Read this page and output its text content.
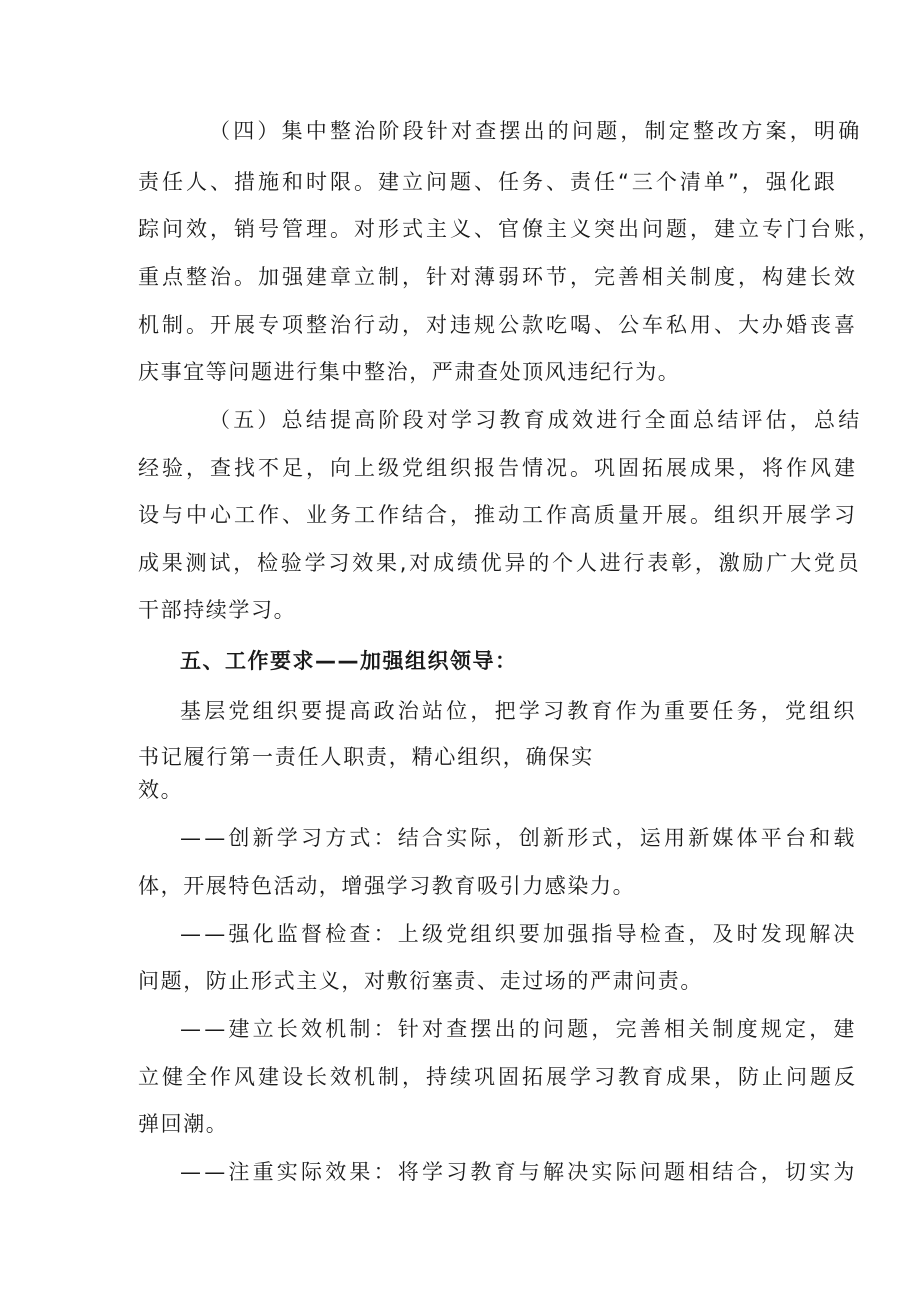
（四）集中整治阶段针对查摆出的问题，制定整改方案，明确
责任人、措施和时限。建立问题、任务、责任“三个清单”，强化跟
踪问效，销号管理。对形式主义、官僚主义突出问题，建立专门台账，
重点整治。加强建章立制，针对薄弱环节，完善相关制度，构建长效
机制。开展专项整治行动，对违规公款吃喝、公车私用、大办婚丧喜
庆事宜等问题进行集中整治，严肃查处顶风违纪行为。
（五）总结提高阶段对学习教育成效进行全面总结评估，总结
经验，查找不足，向上级党组织报告情况。巩固拓展成果，将作风建
设与中心工作、业务工作结合，推动工作高质量开展。组织开展学习
成果测试，检验学习效果,对成绩优异的个人进行表彰，激励广大党员
干部持续学习。
五、工作要求——加强组织领导：
基层党组织要提高政治站位，把学习教育作为重要任务，党组织
书记履行第一责任人职责，精心组织，确保实
效。
——创新学习方式：结合实际，创新形式，运用新媒体平台和载
体，开展特色活动，增强学习教育吸引力感染力。
——强化监督检查：上级党组织要加强指导检查，及时发现解决
问题，防止形式主义，对敷衍塞责、走过场的严肃问责。
——建立长效机制：针对查摆出的问题，完善相关制度规定，建
立健全作风建设长效机制，持续巩固拓展学习教育成果，防止问题反
弹回潮。
——注重实际效果：将学习教育与解决实际问题相结合，切实为
